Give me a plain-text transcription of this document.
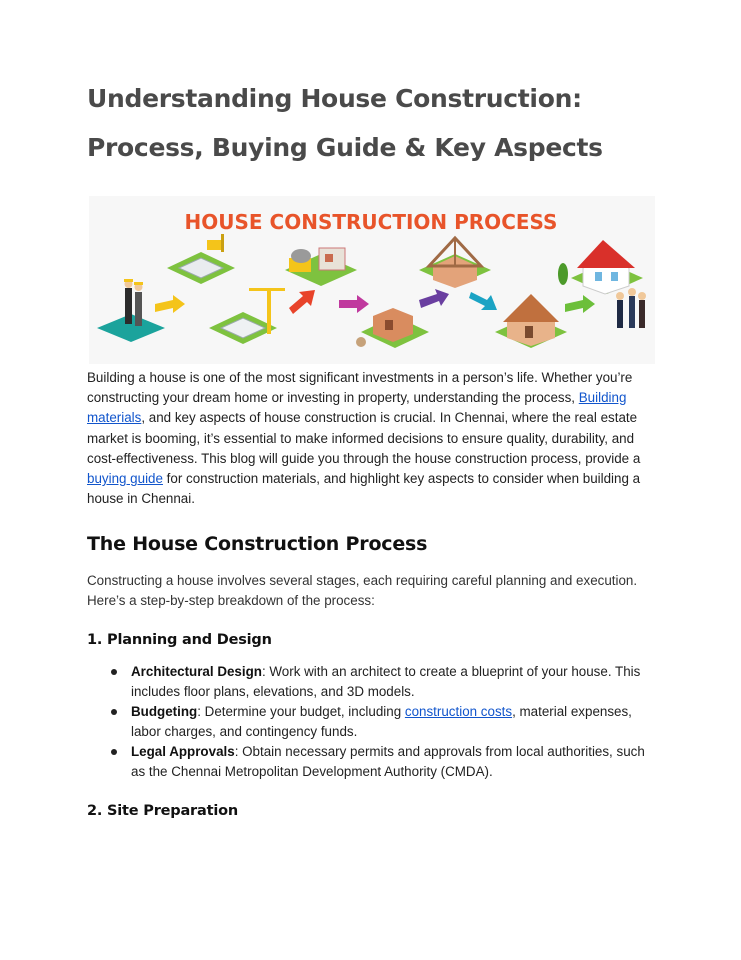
Understanding House Construction: Process, Buying Guide & Key Aspects
HOUSE CONSTRUCTION PROCESS

Building a house is one of the most significant investments in a person’s life. Whether you’re constructing your dream home or investing in property, understanding the process, Building materials, and key aspects of house construction is crucial. In Chennai, where the real estate market is booming, it’s essential to make informed decisions to ensure quality, durability, and cost-effectiveness. This blog will guide you through the house construction process, provide a buying guide for construction materials, and highlight key aspects to consider when building a house in Chennai.

The House Construction Process

Constructing a house involves several stages, each requiring careful planning and execution. Here’s a step-by-step breakdown of the process:

1. Planning and Design
Architectural Design: Work with an architect to create a blueprint of your house. This includes floor plans, elevations, and 3D models.
Budgeting: Determine your budget, including construction costs, material expenses, labor charges, and contingency funds.
Legal Approvals: Obtain necessary permits and approvals from local authorities, such as the Chennai Metropolitan Development Authority (CMDA).
2. Site Preparation
